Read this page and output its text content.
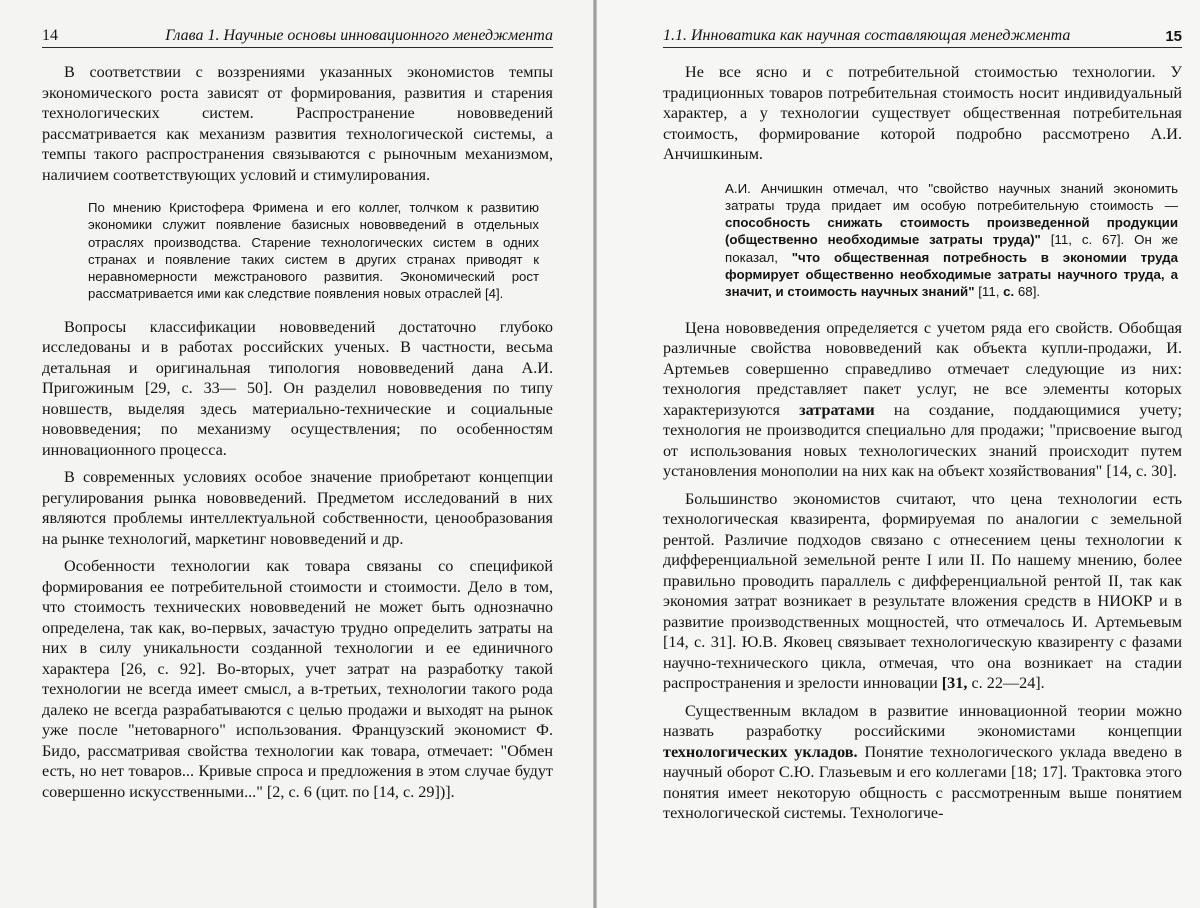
14	Глава 1. Научные основы инновационного менеджмента

В соответствии с воззрениями указанных экономистов темпы экономического роста зависят от формирования, развития и старения технологических систем. Распространение нововведений рассматривается как механизм развития технологической системы, а темпы такого распространения связываются с рыночным механизмом, наличием соответствующих условий и стимулирования.

По мнению Кристофера Фримена и его коллег, толчком к развитию экономики служит появление базисных нововведений в отдельных отраслях производства. Старение технологических систем в одних странах и появление таких систем в других странах приводят к неравномерности межстранового развития. Экономический рост рассматривается ими как следствие появления новых отраслей [4].

Вопросы классификации нововведений достаточно глубоко исследованы и в работах российских ученых. В частности, весьма детальная и оригинальная типология нововведений дана А.И. Пригожиным [29, с. 33— 50]. Он разделил нововведения по типу новшеств, выделяя здесь материально-технические и социальные нововведения; по механизму осуществления; по особенностям инновационного процесса.

В современных условиях особое значение приобретают концепции регулирования рынка нововведений. Предметом исследований в них являются проблемы интеллектуальной собственности, ценообразования на рынке технологий, маркетинг нововведений и др.

Особенности технологии как товара связаны со спецификой формирования ее потребительной стоимости и стоимости. Дело в том, что стоимость технических нововведений не может быть однозначно определена, так как, во-первых, зачастую трудно определить затраты на них в силу уникальности созданной технологии и ее единичного характера [26, с. 92]. Во-вторых, учет затрат на разработку такой технологии не всегда имеет смысл, а в-третьих, технологии такого рода далеко не всегда разрабатываются с целью продажи и выходят на рынок уже после "нетоварного" использования. Французский экономист Ф. Бидо, рассматривая свойства технологии как товара, отмечает: "Обмен есть, но нет товаров... Кривые спроса и предложения в этом случае будут совершенно искусственными..." [2, с. 6 (цит. по [14, с. 29])].

1.1. Инноватика как научная составляющая менеджмента	15

Не все ясно и с потребительной стоимостью технологии. У традиционных товаров потребительная стоимость носит индивидуальный характер, а у технологии существует общественная потребительная стоимость, формирование которой подробно рассмотрено А.И. Анчишкиным.

А.И. Анчишкин отмечал, что "свойство научных знаний экономить затраты труда придает им особую потребительную стоимость — способность снижать стоимость произведенной продукции (общественно необходимые затраты труда)" [11, с. 67]. Он же показал, "что общественная потребность в экономии труда формирует общественно необходимые затраты научного труда, а значит, и стоимость научных знаний" [11, с. 68].

Цена нововведения определяется с учетом ряда его свойств. Обобщая различные свойства нововведений как объекта купли-продажи, И. Артемьев совершенно справедливо отмечает следующие из них: технология представляет пакет услуг, не все элементы которых характеризуются затратами на создание, поддающимися учету; технология не производится специально для продажи; "присвоение выгод от использования новых технологических знаний происходит путем установления монополии на них как на объект хозяйствования" [14, с. 30].

Большинство экономистов считают, что цена технологии есть технологическая квазирента, формируемая по аналогии с земельной рентой. Различие подходов связано с отнесением цены технологии к дифференциальной земельной ренте I или II. По нашему мнению, более правильно проводить параллель с дифференциальной рентой II, так как экономия затрат возникает в результате вложения средств в НИОКР и в развитие производственных мощностей, что отмечалось И. Артемьевым [14, с. 31]. Ю.В. Яковец связывает технологическую квазиренту с фазами научно-технического цикла, отмечая, что она возникает на стадии распространения и зрелости инновации [31, с. 22—24].

Существенным вкладом в развитие инновационной теории можно назвать разработку российскими экономистами концепции технологических укладов. Понятие технологического уклада введено в научный оборот С.Ю. Глазьевым и его коллегами [18; 17]. Трактовка этого понятия имеет некоторую общность с рассмотренным выше понятием технологической системы. Технологиче-
